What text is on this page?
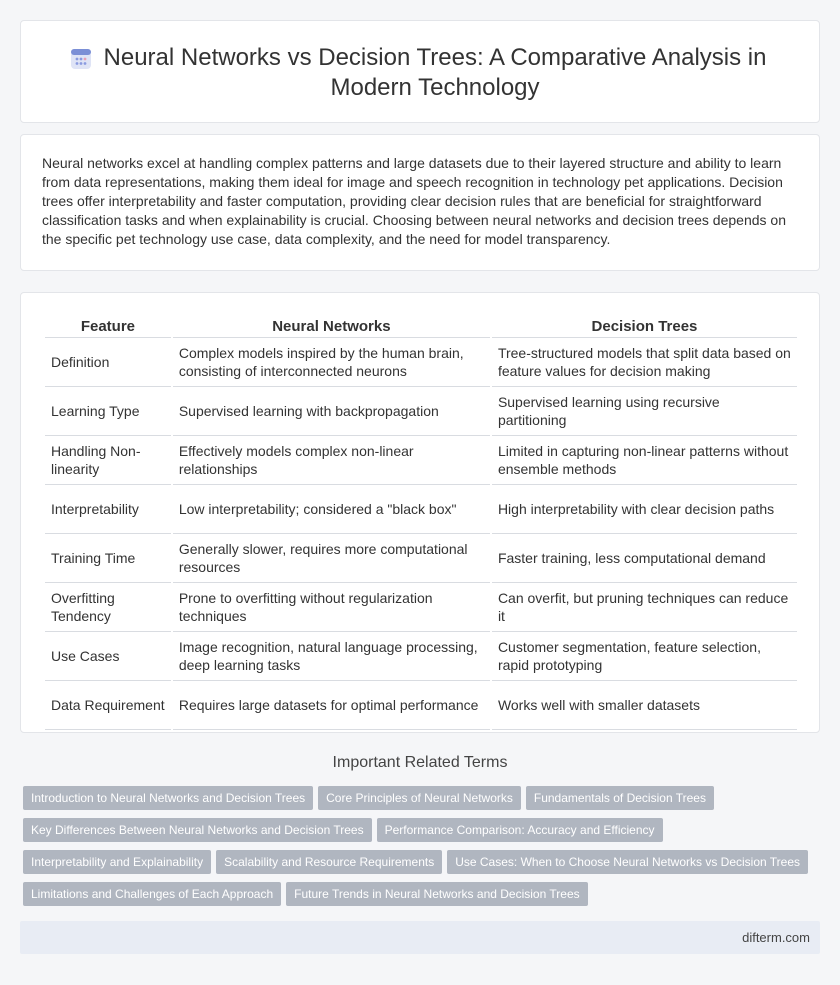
Neural Networks vs Decision Trees: A Comparative Analysis in Modern Technology

Neural networks excel at handling complex patterns and large datasets due to their layered structure and ability to learn from data representations, making them ideal for image and speech recognition in technology pet applications. Decision trees offer interpretability and faster computation, providing clear decision rules that are beneficial for straightforward classification tasks and when explainability is crucial. Choosing between neural networks and decision trees depends on the specific pet technology use case, data complexity, and the need for model transparency.

Feature	Neural Networks	Decision Trees
Definition	Complex models inspired by the human brain, consisting of interconnected neurons	Tree-structured models that split data based on feature values for decision making
Learning Type	Supervised learning with backpropagation	Supervised learning using recursive partitioning
Handling Non-linearity	Effectively models complex non-linear relationships	Limited in capturing non-linear patterns without ensemble methods
Interpretability	Low interpretability; considered a "black box"	High interpretability with clear decision paths
Training Time	Generally slower, requires more computational resources	Faster training, less computational demand
Overfitting Tendency	Prone to overfitting without regularization techniques	Can overfit, but pruning techniques can reduce it
Use Cases	Image recognition, natural language processing, deep learning tasks	Customer segmentation, feature selection, rapid prototyping
Data Requirement	Requires large datasets for optimal performance	Works well with smaller datasets
Important Related Terms
Introduction to Neural Networks and Decision Trees Core Principles of Neural Networks Fundamentals of Decision Trees
Key Differences Between Neural Networks and Decision Trees Performance Comparison: Accuracy and Efficiency
Interpretability and Explainability Scalability and Resource Requirements Use Cases: When to Choose Neural Networks vs Decision Trees
Limitations and Challenges of Each Approach Future Trends in Neural Networks and Decision Trees
difterm.com
